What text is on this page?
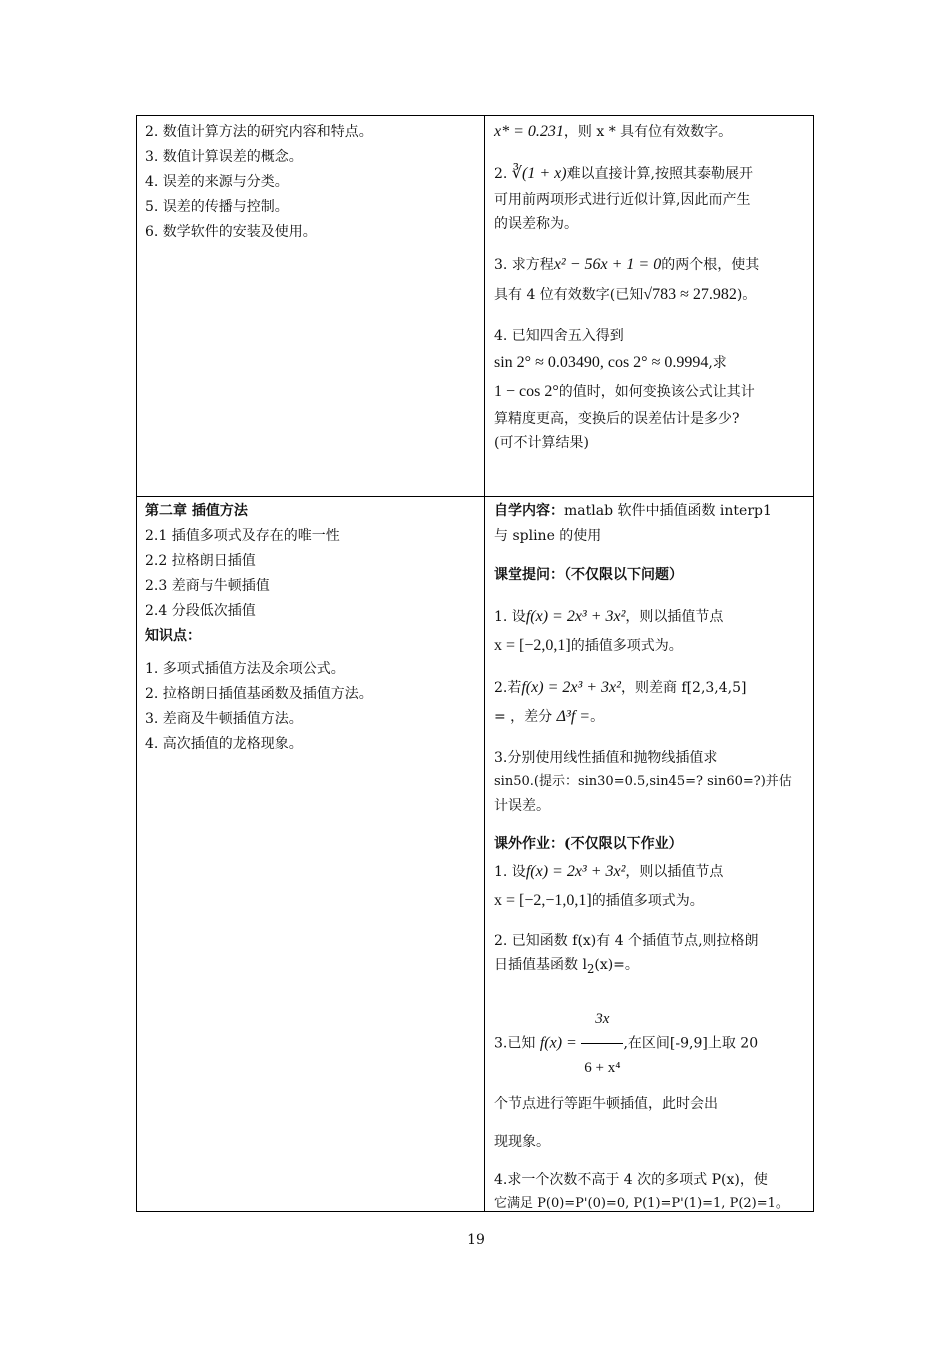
2. 数值计算方法的研究内容和特点。
3. 数值计算误差的概念。
4. 误差的来源与分类。
5. 误差的传播与控制。
6. 数学软件的安装及使用。
x* = 0.231，则 x * 具有位有效数字。
2. ∛(1 + x)难以直接计算,按照其泰勒展开

可用前两项形式进行近似计算,因此而产生

的误差称为。

3. 求方程x² − 56x + 1 = 0的两个根，使其
具有 4 位有效数字(已知√783 ≈ 27.982)。
4. 已知四舍五入得到
sin 2° ≈ 0.03490, cos 2° ≈ 0.9994,求
1 − cos 2°的值时，如何变换该公式让其计

算精度更高，变换后的误差估计是多少?

(可不计算结果)

第二章 插值方法
2.1 插值多项式及存在的唯一性
2.2 拉格朗日插值
2.3 差商与牛顿插值
2.4 分段低次插值
知识点：
1. 多项式插值方法及余项公式。
2. 拉格朗日插值基函数及插值方法。
3. 差商及牛顿插值方法。
4. 高次插值的龙格现象。
自学内容：matlab 软件中插值函数 interp1
与 spline 的使用
课堂提问：（不仅限以下问题）
1. 设f(x) = 2x³ + 3x²，则以插值节点
x = [−2,0,1]的插值多项式为。
2.若f(x) = 2x³ + 3x²，则差商 f[2,3,4,5]
= ，差分 Δ³f =。

3.分别使用线性插值和抛物线插值求

sin50.(提示：sin30=0.5,sin45=? sin60=?)并估

计误差。

课外作业：(不仅限以下作业）
1. 设f(x) = 2x³ + 3x²，则以插值节点
x = [−2,−1,0,1]的插值多项式为。

2. 已知函数 f(x)有 4 个插值节点,则拉格朗

日插值基函数 $l_2(x)=$。

3.已知 $f(x) = \frac{3x}{\text{6 + x⁴}}$ ,在区间[-9,9]上取 20

个节点进行等距牛顿插值，此时会出

现现象。

4.求一个次数不高于 4 次的多项式 P(x)，使

它满足 P(0)=P'(0)=0, P(1)=P'(1)=1, P(2)=1。

19
